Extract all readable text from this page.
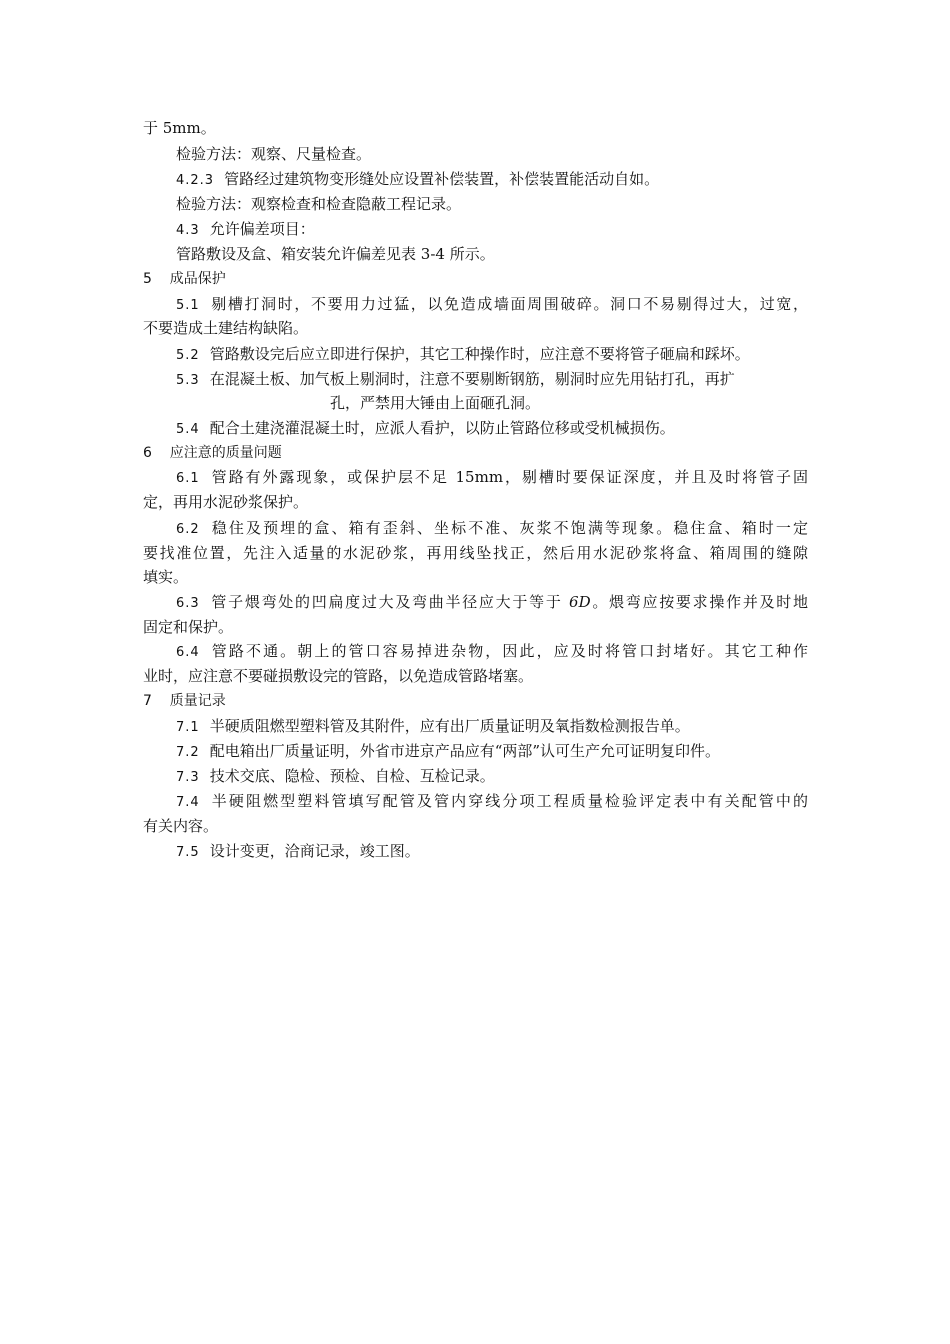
于 5mm。
检验方法：观察、尺量检查。
4.2.3 管路经过建筑物变形缝处应设置补偿装置，补偿装置能活动自如。
检验方法：观察检查和检查隐蔽工程记录。
4.3 允许偏差项目：
管路敷设及盒、箱安装允许偏差见表 3-4 所示。
5 成品保护
5.1 剔槽打洞时，不要用力过猛，以免造成墙面周围破碎。洞口不易剔得过大，过宽，
不要造成土建结构缺陷。
5.2 管路敷设完后应立即进行保护，其它工种操作时，应注意不要将管子砸扁和踩坏。
5.3 在混凝土板、加气板上剔洞时，注意不要剔断钢筋，剔洞时应先用钻打孔，再扩
孔，严禁用大锤由上面砸孔洞。
5.4 配合土建浇灌混凝土时，应派人看护，以防止管路位移或受机械损伤。
6 应注意的质量问题
6.1 管路有外露现象，或保护层不足 15mm，剔槽时要保证深度，并且及时将管子固
定，再用水泥砂浆保护。
6.2 稳住及预埋的盒、箱有歪斜、坐标不准、灰浆不饱满等现象。稳住盒、箱时一定
要找准位置，先注入适量的水泥砂浆，再用线坠找正，然后用水泥砂浆将盒、箱周围的缝隙
填实。
6.3 管子煨弯处的凹扁度过大及弯曲半径应大于等于 6D。煨弯应按要求操作并及时地
固定和保护。
6.4 管路不通。朝上的管口容易掉进杂物，因此，应及时将管口封堵好。其它工种作
业时，应注意不要碰损敷设完的管路，以免造成管路堵塞。
7 质量记录
7.1 半硬质阻燃型塑料管及其附件，应有出厂质量证明及氧指数检测报告单。
7.2 配电箱出厂质量证明，外省市进京产品应有“两部”认可生产允可证明复印件。
7.3 技术交底、隐检、预检、自检、互检记录。
7.4 半硬阻燃型塑料管填写配管及管内穿线分项工程质量检验评定表中有关配管中的
有关内容。
7.5 设计变更，洽商记录，竣工图。
